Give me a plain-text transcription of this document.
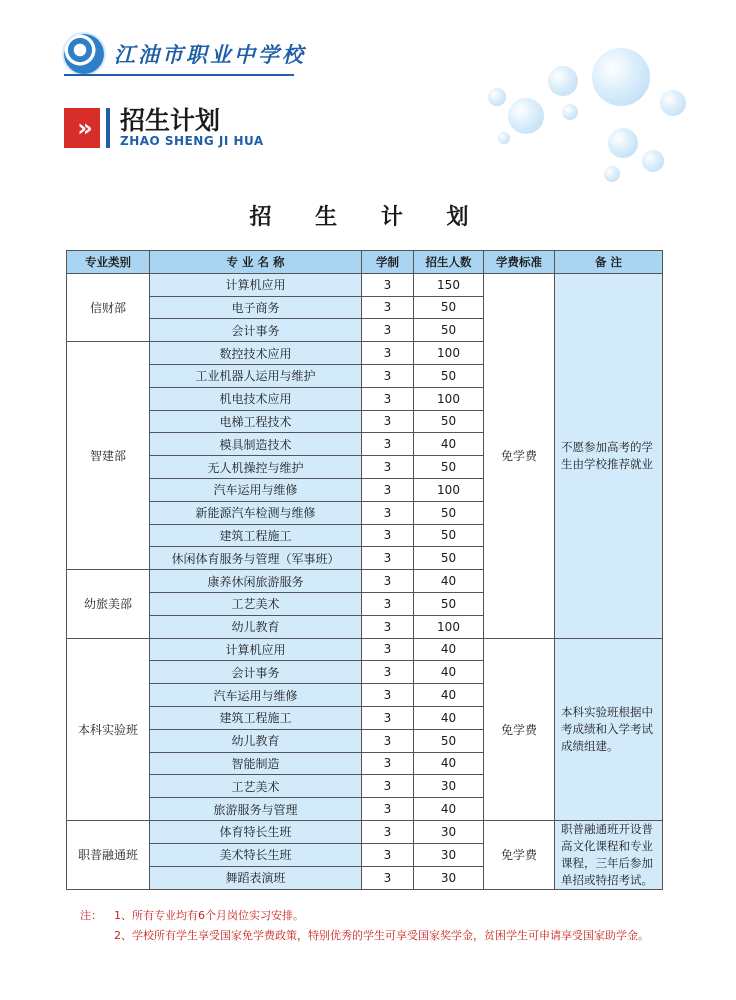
江油市职业中学校
»	招生计划
ZHAO SHENG JI HUA
招 生 计 划
专业类别	专 业 名 称	学制	招生人数	学费标准	备 注
信财部	计算机应用	3	150	免学费	不愿参加高考的学生由学校推荐就业
	电子商务	3	50		
	会计事务	3	50		
智建部	数控技术应用	3	100		
	工业机器人运用与维护	3	50		
	机电技术应用	3	100		
	电梯工程技术	3	50		
	模具制造技术	3	40		
	无人机操控与维护	3	50		
	汽车运用与维修	3	100		
	新能源汽车检测与维修	3	50		
	建筑工程施工	3	50		
	休闲体育服务与管理（军事班）	3	50		
幼旅美部	康养休闲旅游服务	3	40		
	工艺美术	3	50		
	幼儿教育	3	100		
本科实验班	计算机应用	3	40	免学费	本科实验班根据中考成绩和入学考试成绩组建。
	会计事务	3	40		
	汽车运用与维修	3	40		
	建筑工程施工	3	40		
	幼儿教育	3	50		
	智能制造	3	40		
	工艺美术	3	30		
	旅游服务与管理	3	40		
职普融通班	体育特长生班	3	30	免学费	职普融通班开设普高文化课程和专业课程，三年后参加单招或特招考试。
	美术特长生班	3	30		
	舞蹈表演班	3	30		
注：	1、所有专业均有6个月岗位实习安排。
2、学校所有学生享受国家免学费政策，特别优秀的学生可享受国家奖学金，贫困学生可申请享受国家助学金。
